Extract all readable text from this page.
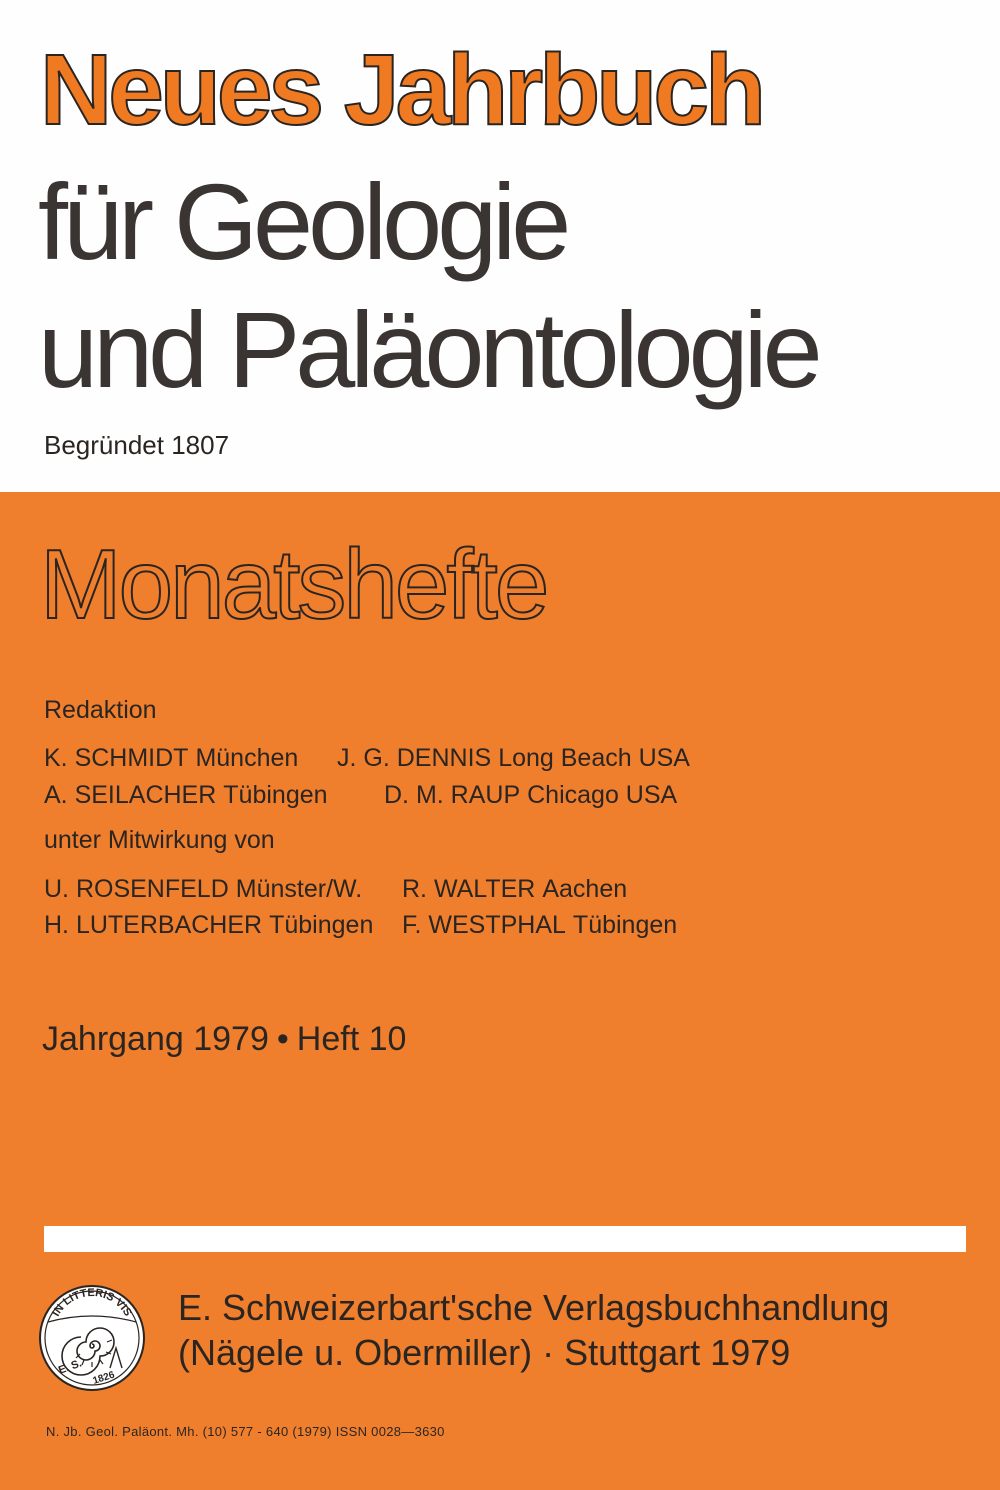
Neues Jahrbuch
für Geologie
und Paläontologie
Begründet 1807
Monatshefte
Redaktion
K. SCHMIDT München J. G. DENNIS Long Beach USA
A. SEILACHER Tübingen D. M. RAUP Chicago USA
unter Mitwirkung von
U. ROSENFELD Münster/W. R. WALTER Aachen
H. LUTERBACHER Tübingen F. WESTPHAL Tübingen
Jahrgang 1979 • Heft 10
IN LITTERIS VIS
E. S.
1826
E. Schweizerbart'sche Verlagsbuchhandlung
(Nägele u. Obermiller) · Stuttgart 1979
N. Jb. Geol. Paläont. Mh. (10) 577 - 640 (1979) ISSN 0028—3630
